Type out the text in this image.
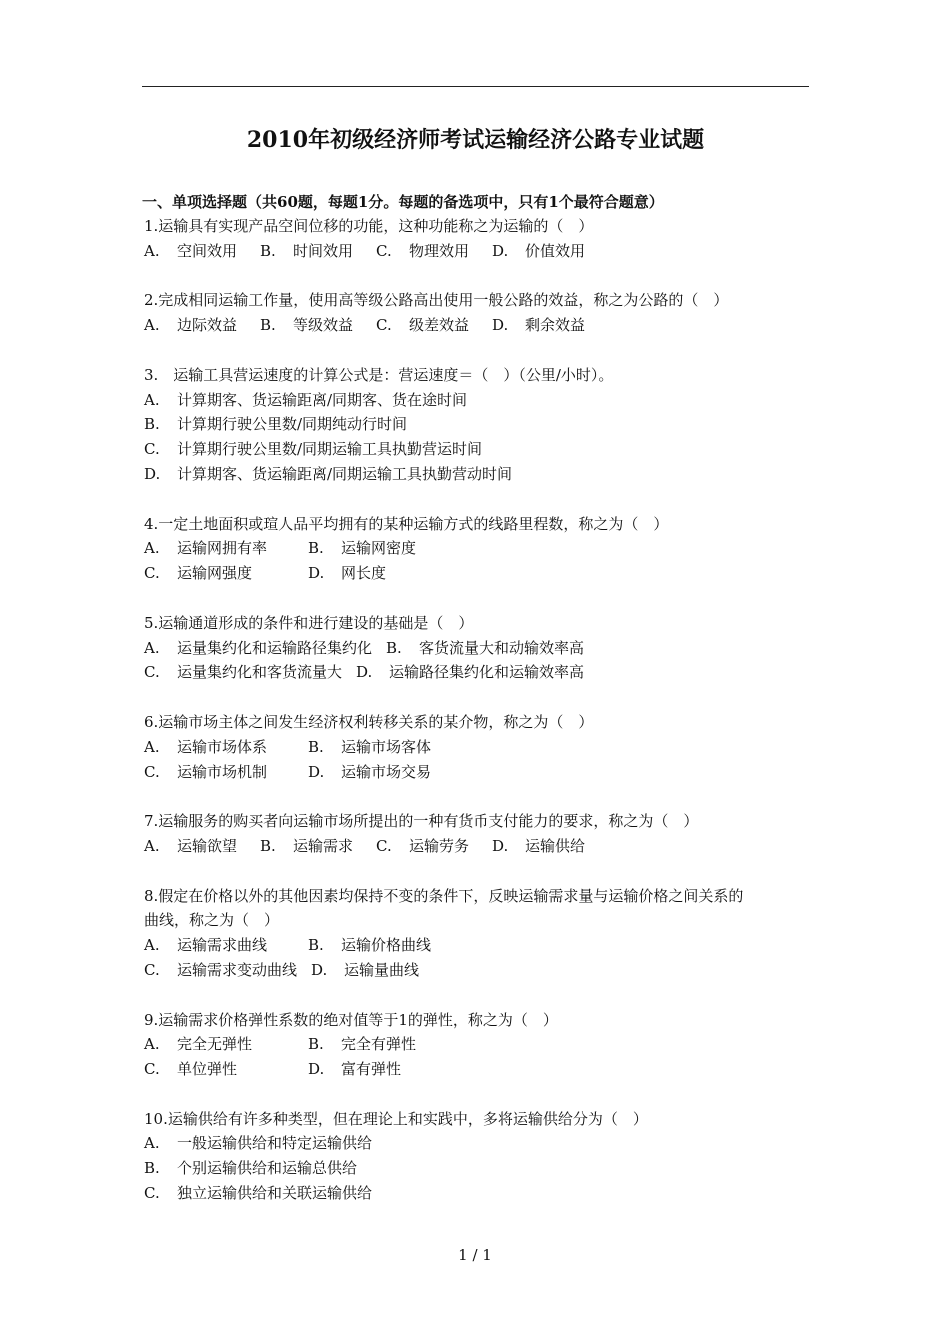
2010年初级经济师考试运输经济公路专业试题
一、单项选择题（共60题，每题1分。每题的备选项中，只有1个最符合题意）
1.运输具有实现产品空间位移的功能，这种功能称之为运输的（　）
A. 空间效用 B. 时间效用 C. 物理效用 D. 价值效用
2.完成相同运输工作量，使用高等级公路高出使用一般公路的效益，称之为公路的（　）
A. 边际效益 B. 等级效益 C. 级差效益 D. 剩余效益
3.　运输工具营运速度的计算公式是：营运速度＝（　）（公里/小时）。
A. 计算期客、货运输距离/同期客、货在途时间
B. 计算期行驶公里数/同期纯动行时间
C. 计算期行驶公里数/同期运输工具执勤营运时间
D. 计算期客、货运输距离/同期运输工具执勤营动时间
4.一定土地面积或瑄人品平均拥有的某种运输方式的线路里程数，称之为（　）
A. 运输网拥有率	B. 运输网密度
C. 运输网强度	D. 网长度
5.运输通道形成的条件和进行建设的基础是（　）
A. 运量集约化和运输路径集约化 B. 客货流量大和动输效率高
C. 运量集约化和客货流量大 D. 运输路径集约化和运输效率高
6.运输市场主体之间发生经济权利转移关系的某介物，称之为（　）
A. 运输市场体系	B. 运输市场客体
C. 运输市场机制	D. 运输市场交易
7.运输服务的购买者向运输市场所提出的一种有货币支付能力的要求，称之为（　）
A. 运输欲望 B. 运输需求 C. 运输劳务 D. 运输供给
8.假定在价格以外的其他因素均保持不变的条件下，反映运输需求量与运输价格之间关系的
曲线，称之为（　）
A. 运输需求曲线	B. 运输价格曲线
C. 运输需求变动曲线 D. 运输量曲线
9.运输需求价格弹性系数的绝对值等于1的弹性，称之为（　）
A. 完全无弹性	B. 完全有弹性
C. 单位弹性	D. 富有弹性
10.运输供给有许多种类型，但在理论上和实践中，多将运输供给分为（　）
A. 一般运输供给和特定运输供给
B. 个别运输供给和运输总供给
C. 独立运输供给和关联运输供给
1 / 1
